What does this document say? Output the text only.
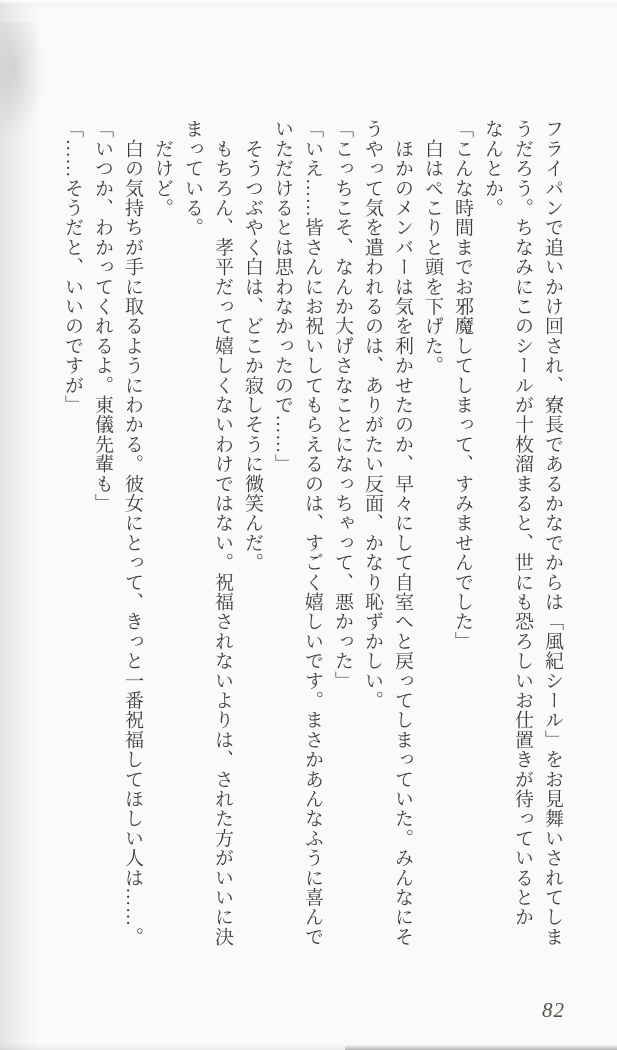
フライパンで追いかけ回され、寮長であるかなでからは「風紀シール」をお見舞いされてしま
うだろう。ちなみにこのシールが十枚溜まると、世にも恐ろしいお仕置きが待っているとか
なんとか。
「こんな時間までお邪魔してしまって、すみませんでした」
　白はぺこりと頭を下げた。
　ほかのメンバーは気を利かせたのか、早々にして自室へと戻ってしまっていた。みんなにそ
うやって気を遣われるのは、ありがたい反面、かなり恥ずかしい。
「こっちこそ、なんか大げさなことになっちゃって、悪かった」
「いえ……皆さんにお祝いしてもらえるのは、すごく嬉しいです。まさかあんなふうに喜んで
いただけるとは思わなかったので……」
　そうつぶやく白は、どこか寂しそうに微笑んだ。
　もちろん、孝平だって嬉しくないわけではない。祝福されないよりは、された方がいいに決
まっている。
　だけど。
　白の気持ちが手に取るようにわかる。彼女にとって、きっと一番祝福してほしい人は……。
「いつか、わかってくれるよ。東儀先輩も」
「……そうだと、いいのですが」
82
